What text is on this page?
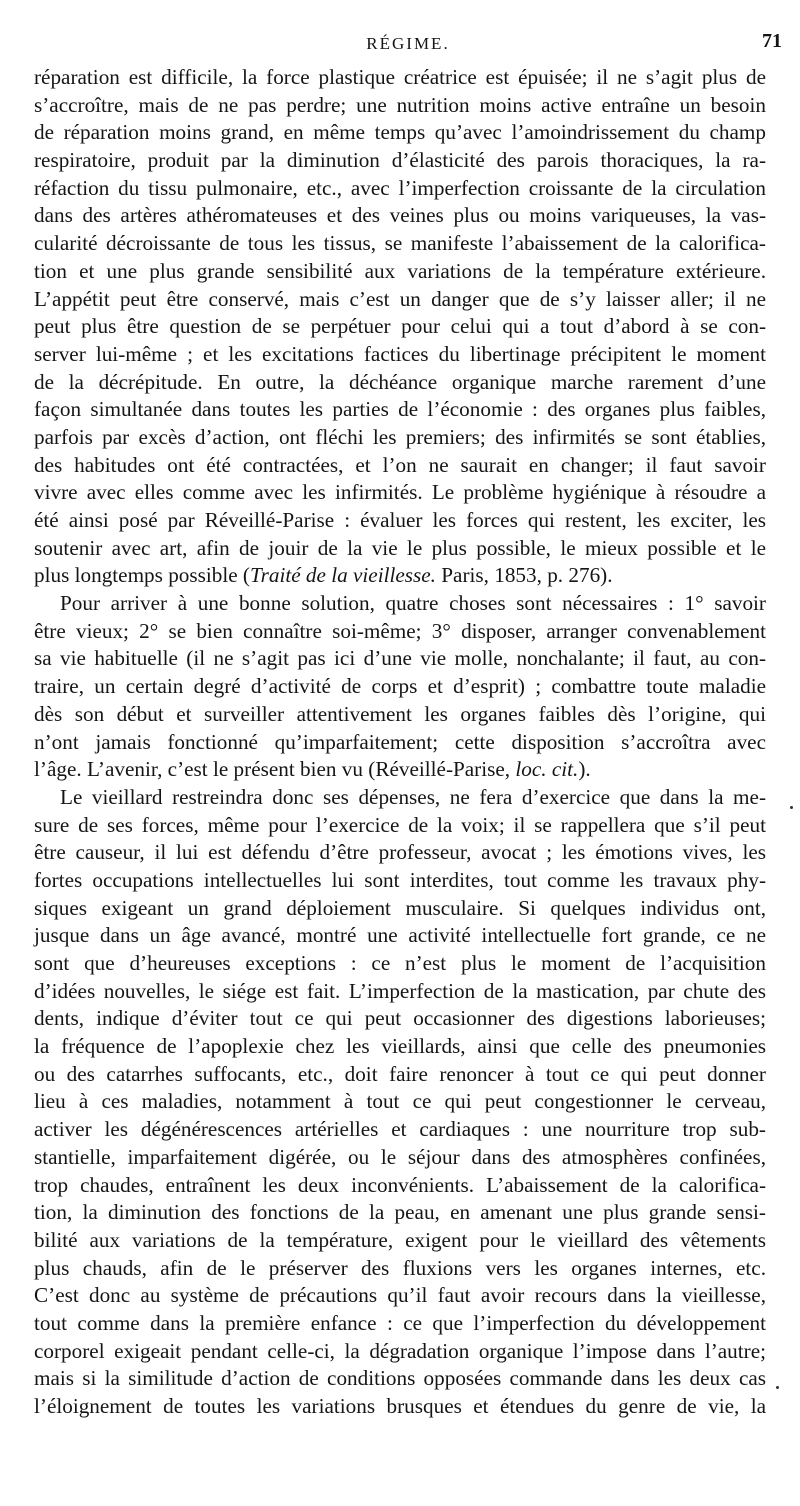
RÉGIME.	71
réparation est difficile, la force plastique créatrice est épuisée; il ne s’agit plus de
s’accroître, mais de ne pas perdre; une nutrition moins active entraîne un besoin
de réparation moins grand, en même temps qu’avec l’amoindrissement du champ
respiratoire, produit par la diminution d’élasticité des parois thoraciques, la ra-
réfaction du tissu pulmonaire, etc., avec l’imperfection croissante de la circulation
dans des artères athéromateuses et des veines plus ou moins variqueuses, la vas-
cularité décroissante de tous les tissus, se manifeste l’abaissement de la calorifica-
tion et une plus grande sensibilité aux variations de la température extérieure.
L’appétit peut être conservé, mais c’est un danger que de s’y laisser aller; il ne
peut plus être question de se perpétuer pour celui qui a tout d’abord à se con-
server lui-même ; et les excitations factices du libertinage précipitent le moment
de la décrépitude. En outre, la déchéance organique marche rarement d’une
façon simultanée dans toutes les parties de l’économie : des organes plus faibles,
parfois par excès d’action, ont fléchi les premiers; des infirmités se sont établies,
des habitudes ont été contractées, et l’on ne saurait en changer; il faut savoir
vivre avec elles comme avec les infirmités. Le problème hygiénique à résoudre a
été ainsi posé par Réveillé-Parise : évaluer les forces qui restent, les exciter, les
soutenir avec art, afin de jouir de la vie le plus possible, le mieux possible et le
plus longtemps possible (Traité de la vieillesse. Paris, 1853, p. 276).
Pour arriver à une bonne solution, quatre choses sont nécessaires : 1° savoir
être vieux; 2° se bien connaître soi-même; 3° disposer, arranger convenablement
sa vie habituelle (il ne s’agit pas ici d’une vie molle, nonchalante; il faut, au con-
traire, un certain degré d’activité de corps et d’esprit) ; combattre toute maladie
dès son début et surveiller attentivement les organes faibles dès l’origine, qui
n’ont jamais fonctionné qu’imparfaitement; cette disposition s’accroîtra avec
l’âge. L’avenir, c’est le présent bien vu (Réveillé-Parise, loc. cit.).
Le vieillard restreindra donc ses dépenses, ne fera d’exercice que dans la me-
sure de ses forces, même pour l’exercice de la voix; il se rappellera que s’il peut
être causeur, il lui est défendu d’être professeur, avocat ; les émotions vives, les
fortes occupations intellectuelles lui sont interdites, tout comme les travaux phy-
siques exigeant un grand déploiement musculaire. Si quelques individus ont,
jusque dans un âge avancé, montré une activité intellectuelle fort grande, ce ne
sont que d’heureuses exceptions : ce n’est plus le moment de l’acquisition
d’idées nouvelles, le siége est fait. L’imperfection de la mastication, par chute des
dents, indique d’éviter tout ce qui peut occasionner des digestions laborieuses;
la fréquence de l’apoplexie chez les vieillards, ainsi que celle des pneumonies
ou des catarrhes suffocants, etc., doit faire renoncer à tout ce qui peut donner
lieu à ces maladies, notamment à tout ce qui peut congestionner le cerveau,
activer les dégénérescences artérielles et cardiaques : une nourriture trop sub-
stantielle, imparfaitement digérée, ou le séjour dans des atmosphères confinées,
trop chaudes, entraînent les deux inconvénients. L’abaissement de la calorifica-
tion, la diminution des fonctions de la peau, en amenant une plus grande sensi-
bilité aux variations de la température, exigent pour le vieillard des vêtements
plus chauds, afin de le préserver des fluxions vers les organes internes, etc.
C’est donc au système de précautions qu’il faut avoir recours dans la vieillesse,
tout comme dans la première enfance : ce que l’imperfection du développement
corporel exigeait pendant celle-ci, la dégradation organique l’impose dans l’autre;
mais si la similitude d’action de conditions opposées commande dans les deux cas
l’éloignement de toutes les variations brusques et étendues du genre de vie, la
